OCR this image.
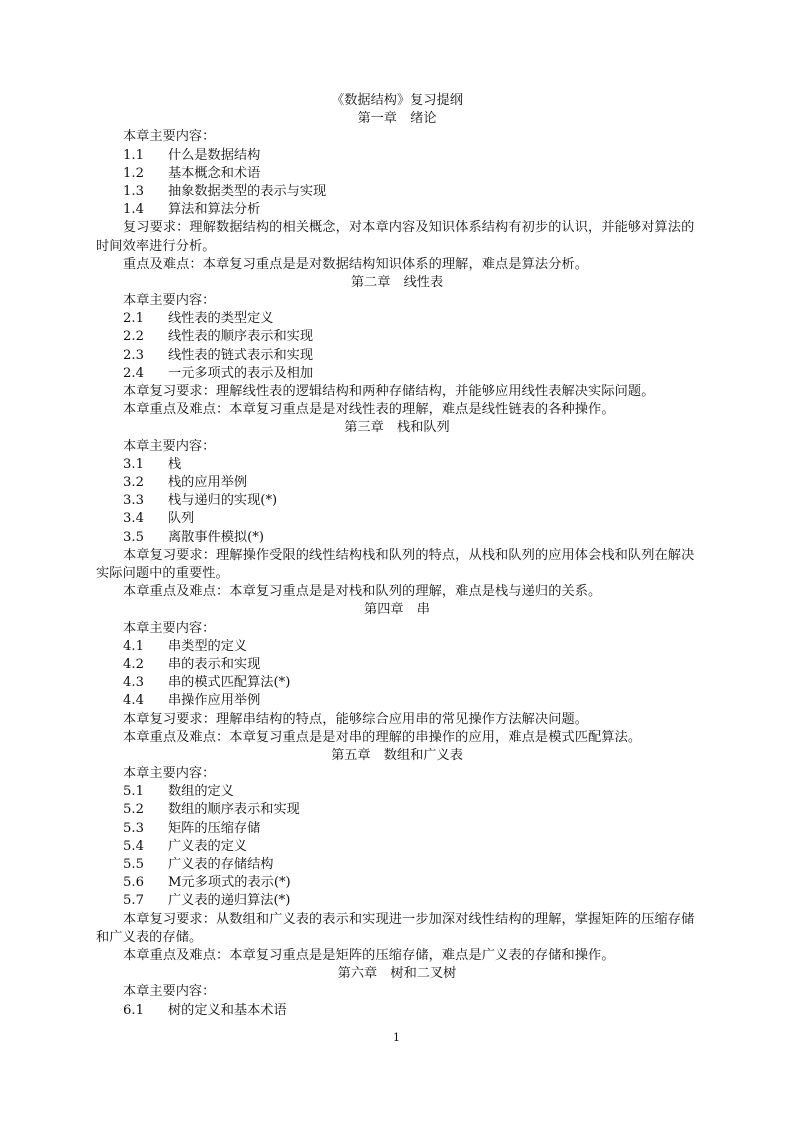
《数据结构》复习提纲
第一章　绪论
本章主要内容：
1.1	什么是数据结构
1.2	基本概念和术语
1.3	抽象数据类型的表示与实现
1.4	算法和算法分析
复习要求：理解数据结构的相关概念，对本章内容及知识体系结构有初步的认识，并能够对算法的时间效率进行分析。
重点及难点：本章复习重点是是对数据结构知识体系的理解，难点是算法分析。
第二章　线性表
本章主要内容：
2.1	线性表的类型定义
2.2	线性表的顺序表示和实现
2.3	线性表的链式表示和实现
2.4	一元多项式的表示及相加
本章复习要求：理解线性表的逻辑结构和两种存储结构，并能够应用线性表解决实际问题。
本章重点及难点：本章复习重点是是对线性表的理解，难点是线性链表的各种操作。
第三章　栈和队列
本章主要内容：
3.1	栈
3.2	栈的应用举例
3.3	栈与递归的实现(*)
3.4	队列
3.5	离散事件模拟(*)
本章复习要求：理解操作受限的线性结构栈和队列的特点，从栈和队列的应用体会栈和队列在解决实际问题中的重要性。
本章重点及难点：本章复习重点是是对栈和队列的理解，难点是栈与递归的关系。
第四章　串
本章主要内容：
4.1	串类型的定义
4.2	串的表示和实现
4.3	串的模式匹配算法(*)
4.4	串操作应用举例
本章复习要求：理解串结构的特点，能够综合应用串的常见操作方法解决问题。
本章重点及难点：本章复习重点是是对串的理解的串操作的应用，难点是模式匹配算法。
第五章　数组和广义表
本章主要内容：
5.1	数组的定义
5.2	数组的顺序表示和实现
5.3	矩阵的压缩存储
5.4	广义表的定义
5.5	广义表的存储结构
5.6	M元多项式的表示(*)
5.7	广义表的递归算法(*)
本章复习要求：从数组和广义表的表示和实现进一步加深对线性结构的理解，掌握矩阵的压缩存储和广义表的存储。
本章重点及难点：本章复习重点是是矩阵的压缩存储，难点是广义表的存储和操作。
第六章　树和二叉树
本章主要内容：
6.1	树的定义和基本术语
1
